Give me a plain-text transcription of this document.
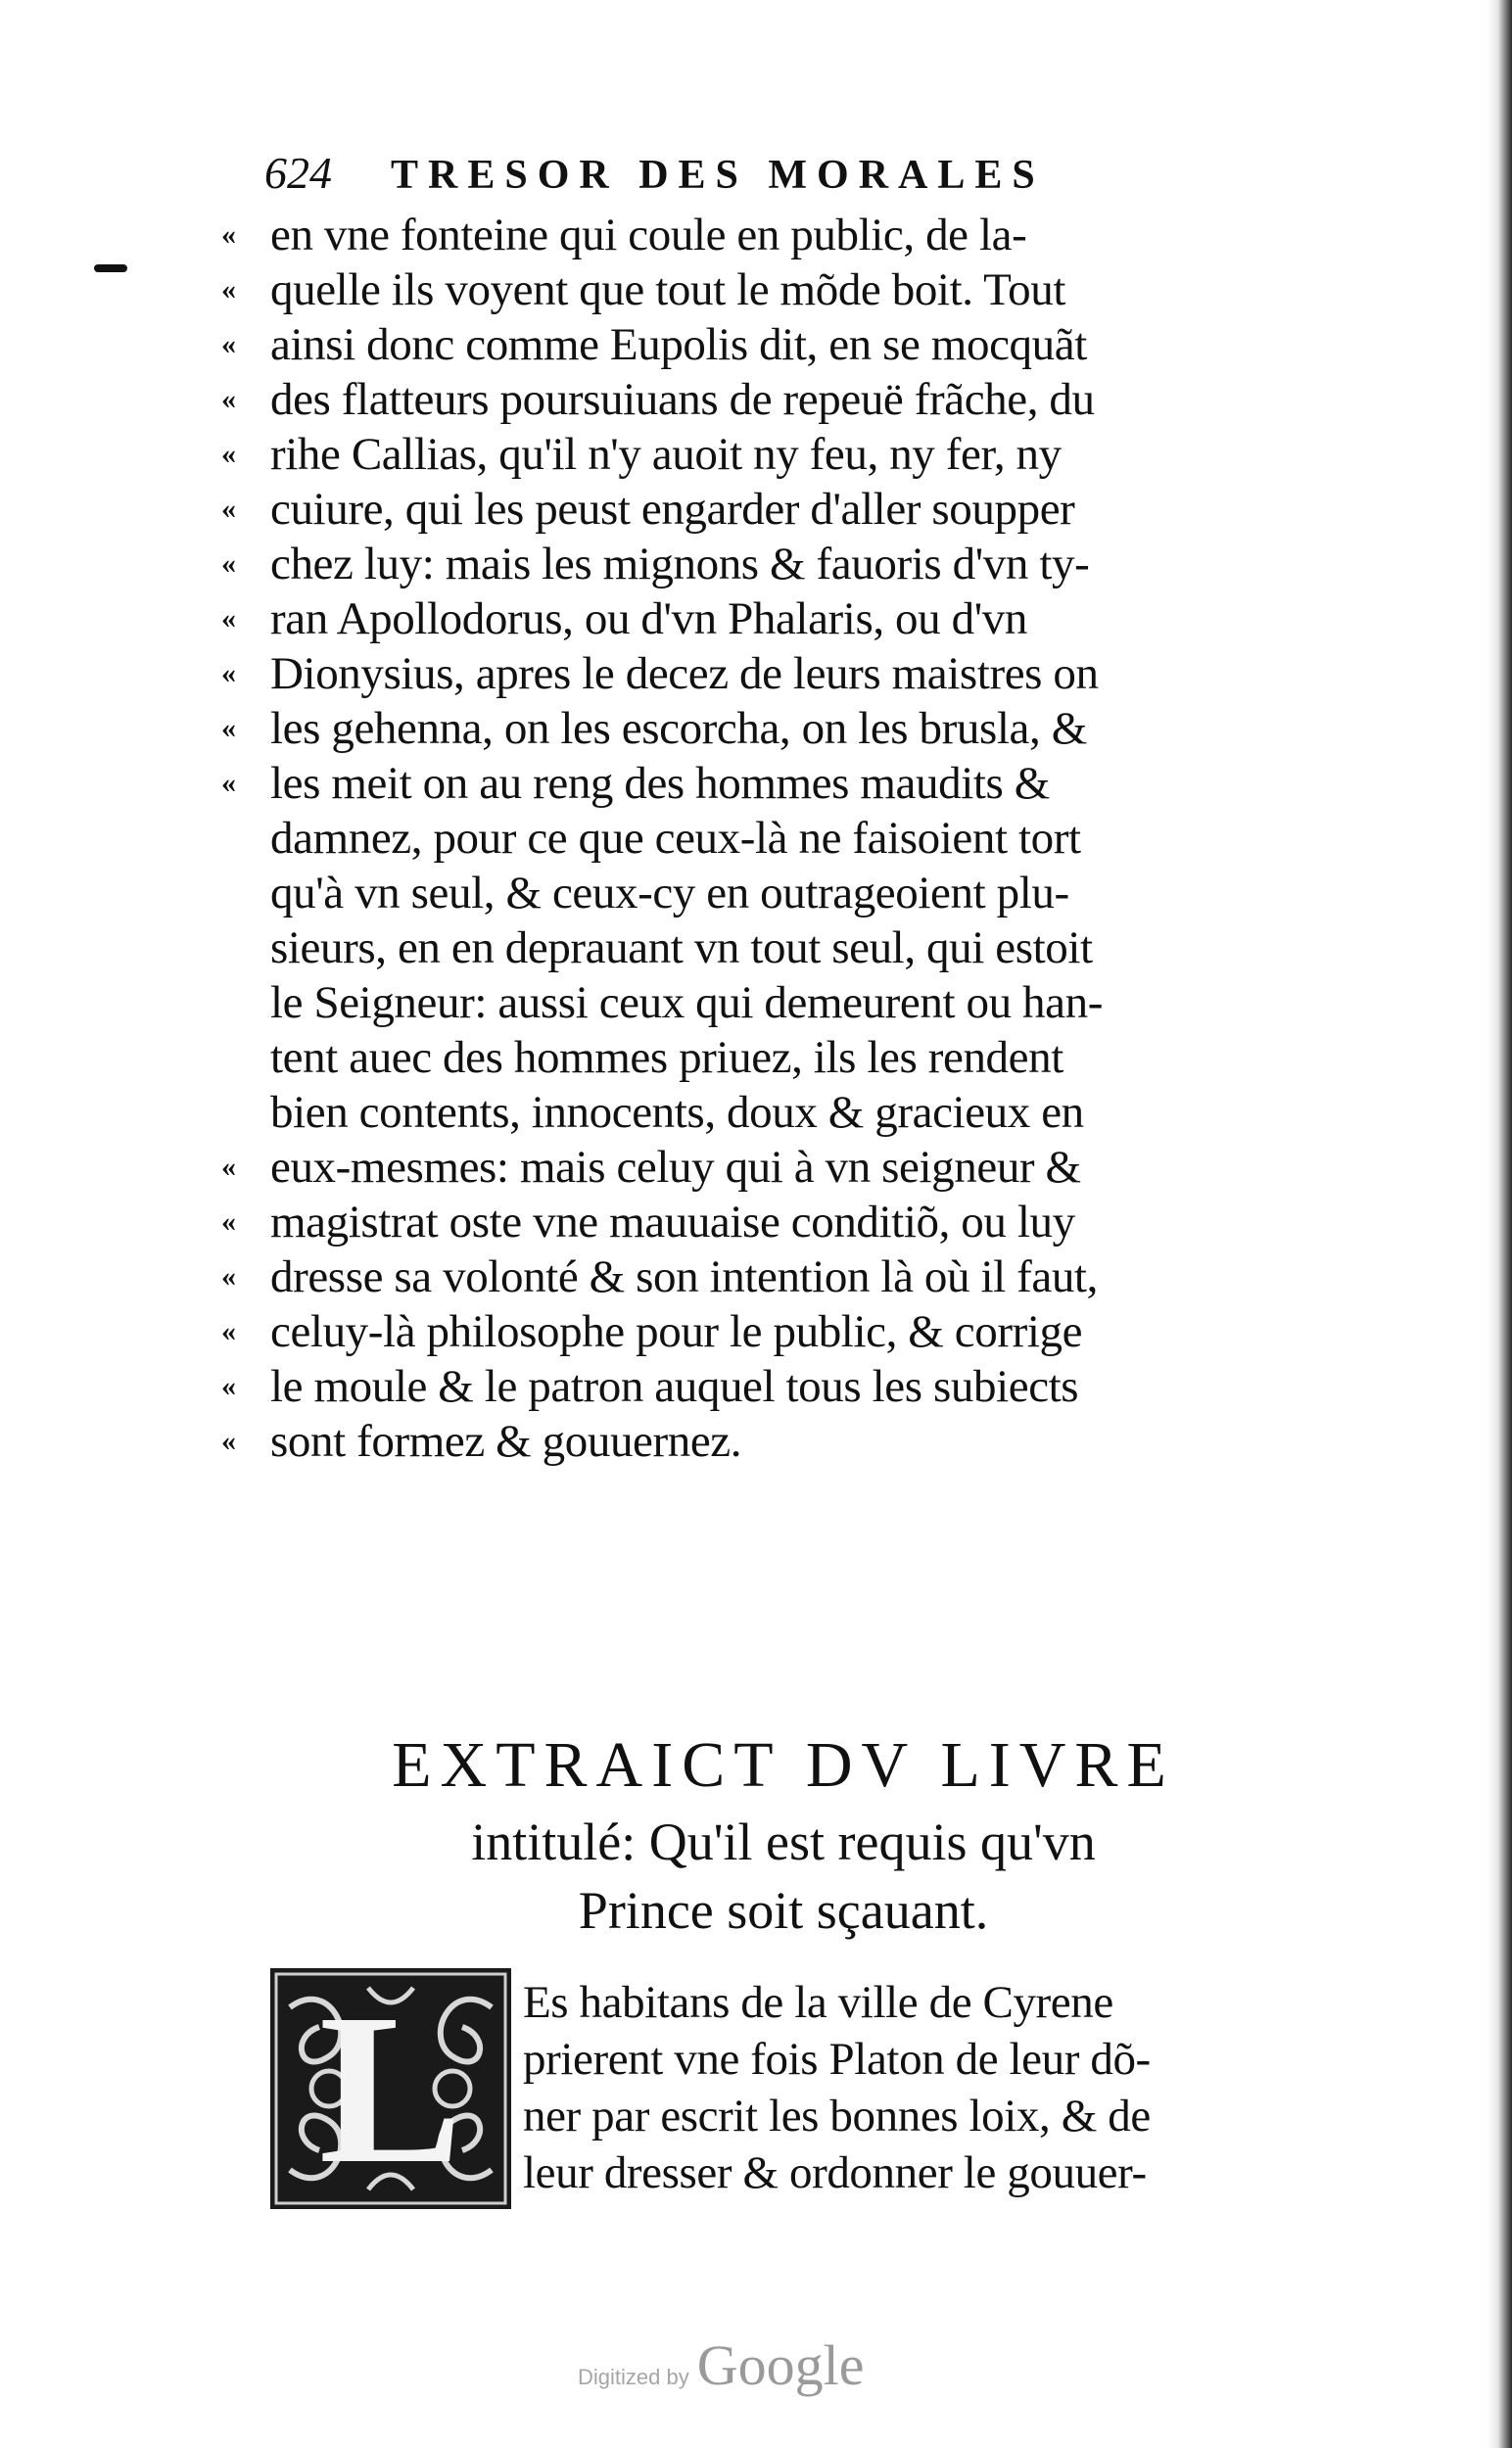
624 TRESOR DES MORALES
« en vne fonteine qui coule en public, de la-
« quelle ils voyent que tout le mõde boit. Tout
« ainsi donc comme Eupolis dit, en se mocquãt
« des flatteurs poursuiuans de repeuë frãche, du
« rihe Callias, qu'il n'y auoit ny feu, ny fer, ny
« cuiure, qui les peust engarder d'aller soupper
« chez luy: mais les mignons & fauoris d'vn ty-
« ran Apollodorus, ou d'vn Phalaris, ou d'vn
« Dionysius, apres le decez de leurs maistres on
« les gehenna, on les escorcha, on les brusla, &
« les meit on au reng des hommes maudits &
damnez, pour ce que ceux-là ne faisoient tort
qu'à vn seul, & ceux-cy en outrageoient plu-
sieurs, en en deprauant vn tout seul, qui estoit
le Seigneur: aussi ceux qui demeurent ou han-
tent auec des hommes priuez, ils les rendent
bien contents, innocents, doux & gracieux en
« eux-mesmes: mais celuy qui à vn seigneur &
« magistrat oste vne mauuaise conditiõ, ou luy
« dresse sa volonté & son intention là où il faut,
« celuy-là philosophe pour le public, & corrige
« le moule & le patron auquel tous les subiects
« sont formez & gouuernez.
EXTRAICT DV LIVRE
intitulé: Qu'il est requis qu'vn
Prince soit sçauant.
L	Es habitans de la ville de Cyrene
prierent vne fois Platon de leur dõ-
ner par escrit les bonnes loix, & de
leur dresser & ordonner le gouuer-
Digitized by Google
